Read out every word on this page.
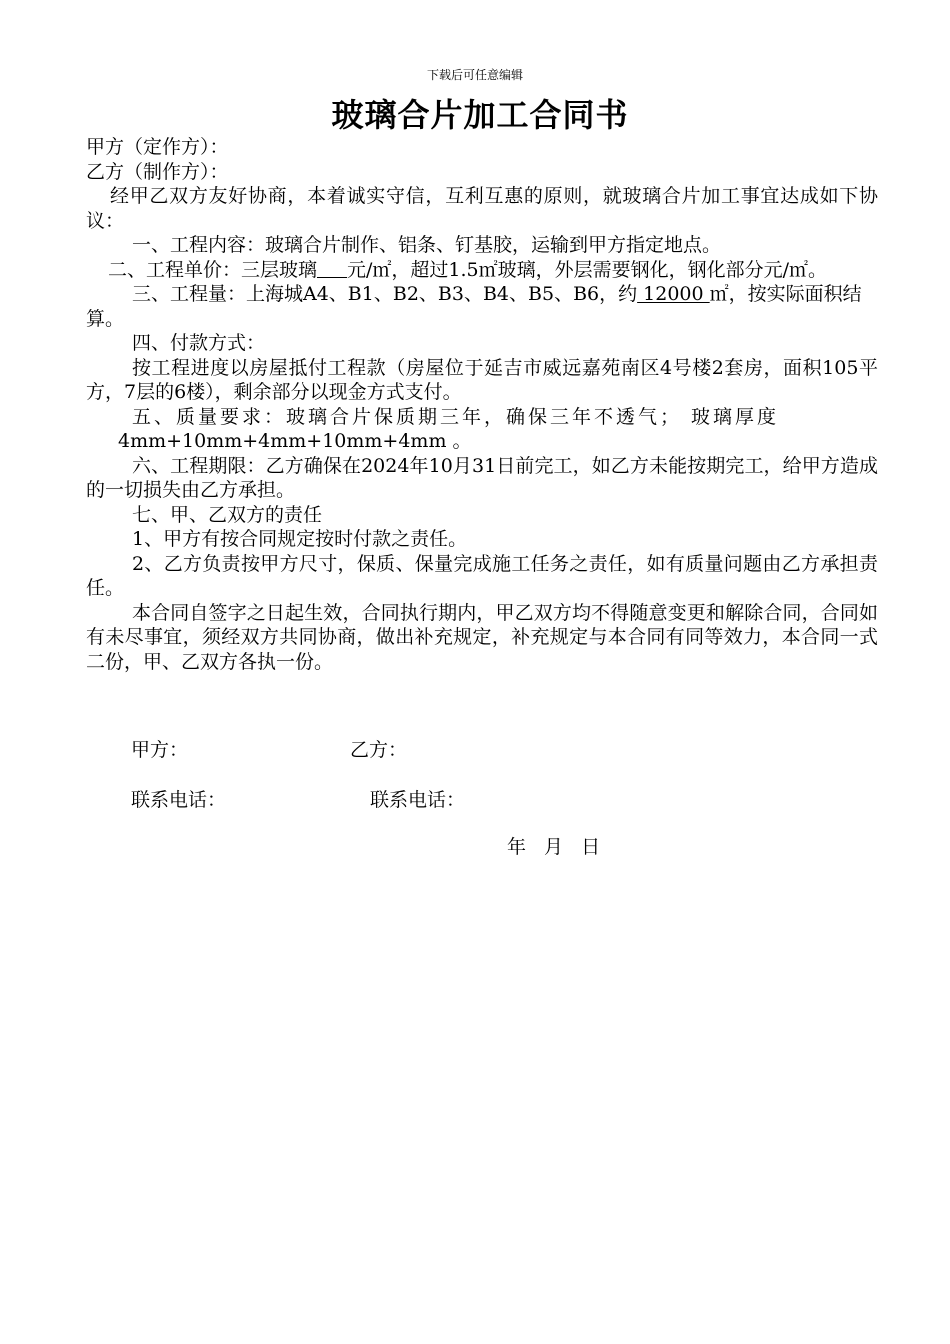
下载后可任意编辑
玻璃合片加工合同书

甲方（定作方）：

乙方（制作方）：

经甲乙双方友好协商，本着诚实守信，互利互惠的原则，就玻璃合片加工事宜达成如下协议：

一、工程内容：玻璃合片制作、铝条、钉基胶，运输到甲方指定地点。

二、工程单价：三层玻璃 元/㎡，超过1.5㎡玻璃，外层需要钢化，钢化部分元/㎡。

三、工程量：上海城A4、B1、B2、B3、B4、B5、B6，约 12000 ㎡，按实际面积结算。

四、付款方式：

按工程进度以房屋抵付工程款（房屋位于延吉市威远嘉苑南区4号楼2套房，面积105平方，7层的6楼），剩余部分以现金方式支付。

五、质量要求：玻璃合片保质期三年，确保三年不透气； 玻璃厚度

4mm+10mm+4mm+10mm+4mm 。

六、工程期限：乙方确保在2024年10月31日前完工，如乙方未能按期完工，给甲方造成的一切损失由乙方承担。

七、甲、乙双方的责任

1、甲方有按合同规定按时付款之责任。

2、乙方负责按甲方尺寸，保质、保量完成施工任务之责任，如有质量问题由乙方承担责任。

本合同自签字之日起生效，合同执行期内，甲乙双方均不得随意变更和解除合同，合同如有未尽事宜，须经双方共同协商，做出补充规定，补充规定与本合同有同等效力，本合同一式二份，甲、乙双方各执一份。

甲方：	乙方：
联系电话：	联系电话：
年 月 日
